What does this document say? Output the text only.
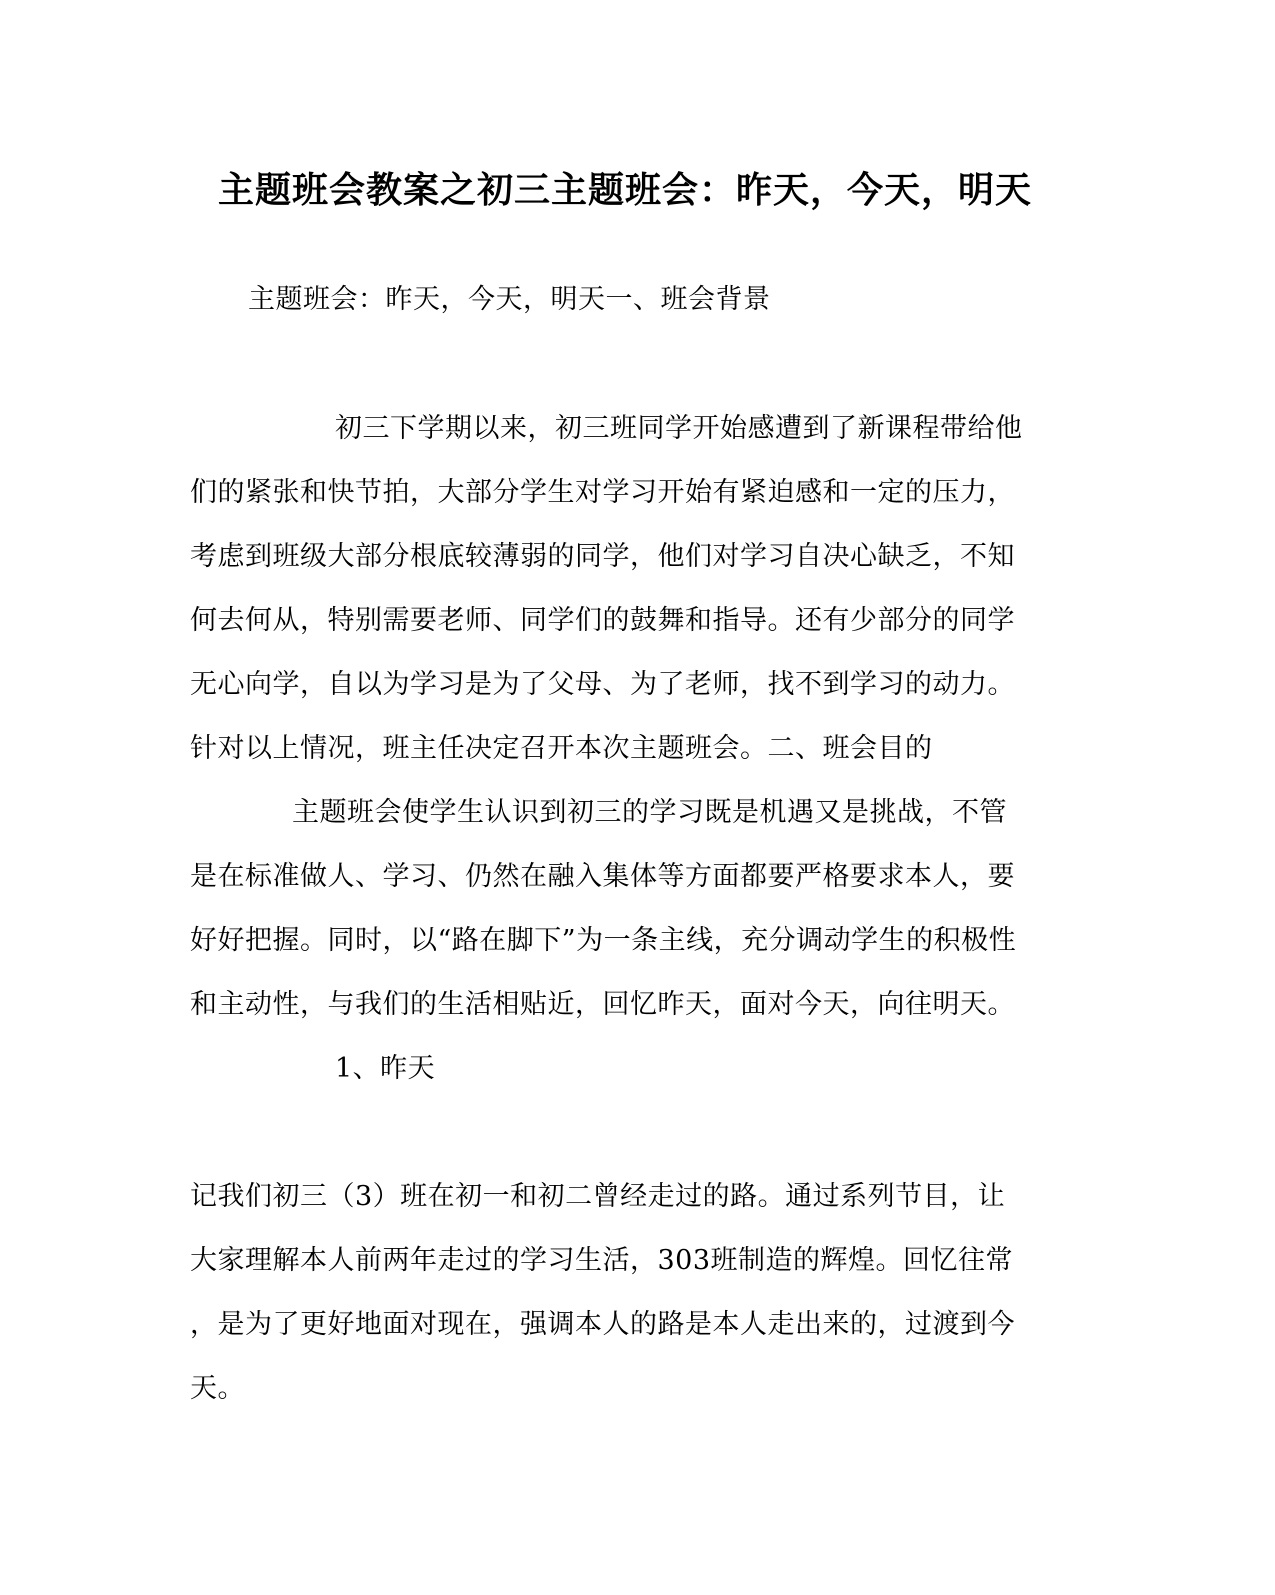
主题班会教案之初三主题班会：昨天，今天，明天
主题班会：昨天，今天，明天一、班会背景
初三下学期以来，初三班同学开始感遭到了新课程带给他
们的紧张和快节拍，大部分学生对学习开始有紧迫感和一定的压力，
考虑到班级大部分根底较薄弱的同学，他们对学习自决心缺乏，不知
何去何从，特别需要老师、同学们的鼓舞和指导。还有少部分的同学
无心向学，自以为学习是为了父母、为了老师，找不到学习的动力。
针对以上情况，班主任决定召开本次主题班会。二、班会目的
主题班会使学生认识到初三的学习既是机遇又是挑战，不管
是在标准做人、学习、仍然在融入集体等方面都要严格要求本人，要
好好把握。同时，以“路在脚下”为一条主线，充分调动学生的积极性
和主动性，与我们的生活相贴近，回忆昨天，面对今天，向往明天。
1、昨天
记我们初三（3）班在初一和初二曾经走过的路。通过系列节目，让
大家理解本人前两年走过的学习生活，303班制造的辉煌。回忆往常
，是为了更好地面对现在，强调本人的路是本人走出来的，过渡到今
天。
